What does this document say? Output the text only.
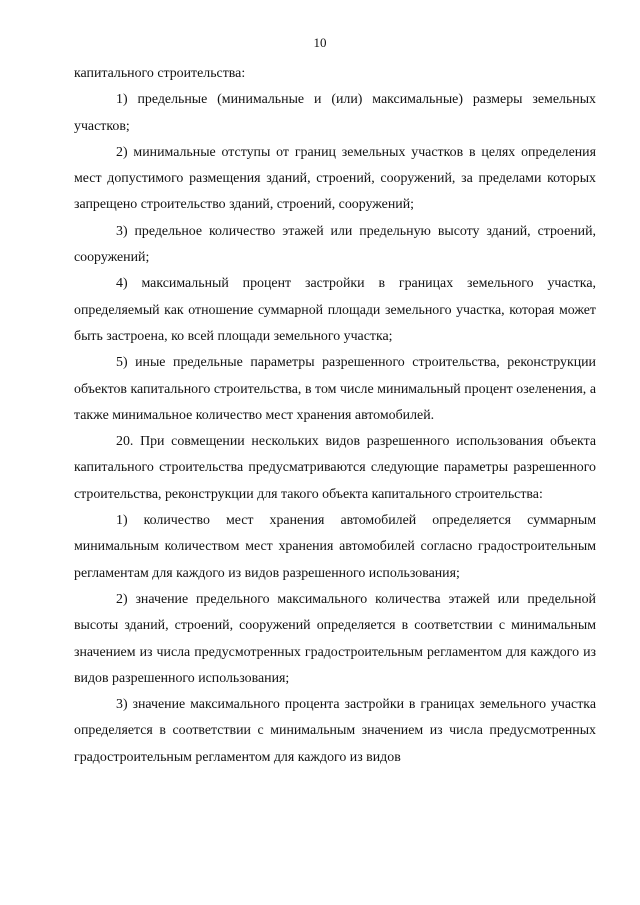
10

капитального строительства:

1) предельные (минимальные и (или) максимальные) размеры земельных участков;

2) минимальные отступы от границ земельных участков в целях определения мест допустимого размещения зданий, строений, сооружений, за пределами которых запрещено строительство зданий, строений, сооружений;

3) предельное количество этажей или предельную высоту зданий, строений, сооружений;

4) максимальный процент застройки в границах земельного участка, определяемый как отношение суммарной площади земельного участка, которая может быть застроена, ко всей площади земельного участка;

5) иные предельные параметры разрешенного строительства, реконструкции объектов капитального строительства, в том числе минимальный процент озеленения, а также минимальное количество мест хранения автомобилей.

20. При совмещении нескольких видов разрешенного использования объекта капитального строительства предусматриваются следующие параметры разрешенного строительства, реконструкции для такого объекта капитального строительства:

1) количество мест хранения автомобилей определяется суммарным минимальным количеством мест хранения автомобилей согласно градостроительным регламентам для каждого из видов разрешенного использования;

2) значение предельного максимального количества этажей или предельной высоты зданий, строений, сооружений определяется в соответствии с минимальным значением из числа предусмотренных градостроительным регламентом для каждого из видов разрешенного использования;

3) значение максимального процента застройки в границах земельного участка определяется в соответствии с минимальным значением из числа предусмотренных градостроительным регламентом для каждого из видов
